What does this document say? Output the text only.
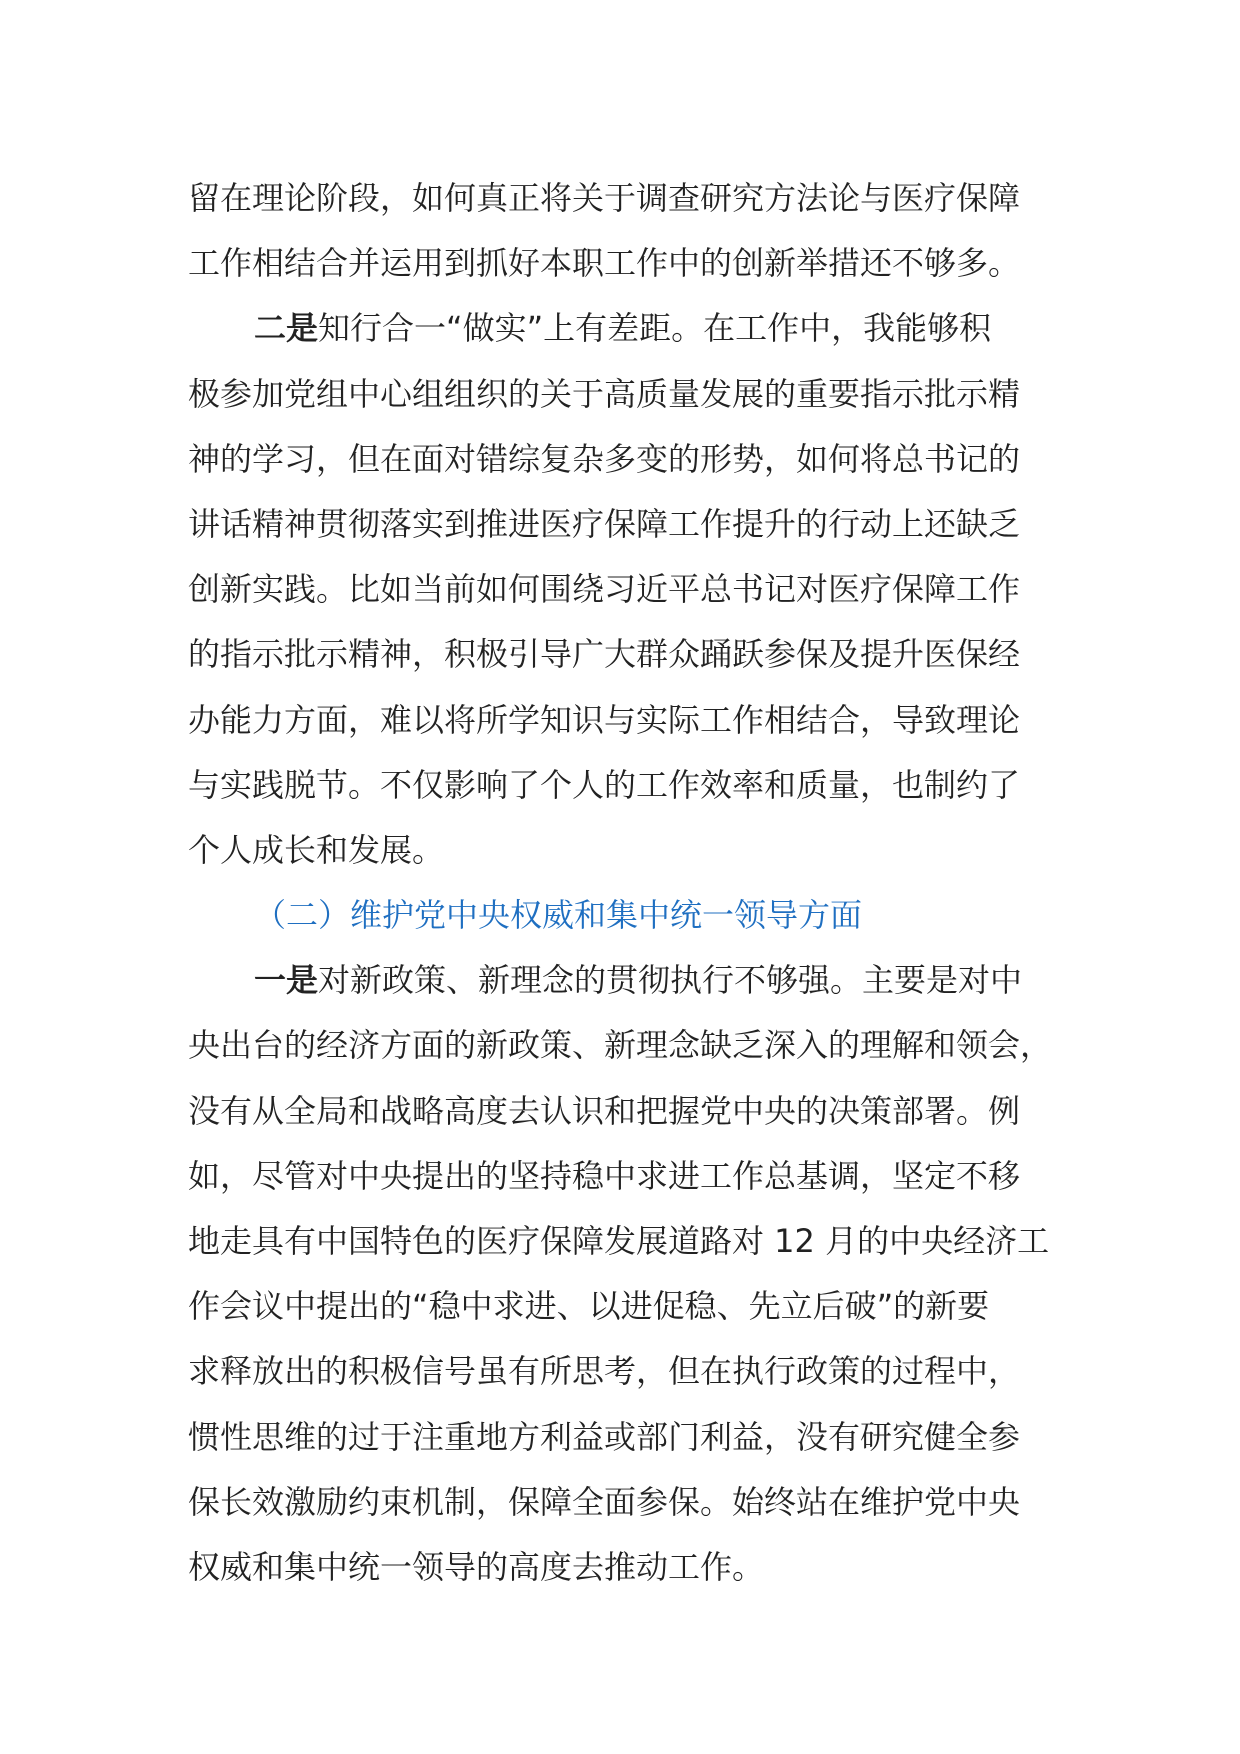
留在理论阶段，如何真正将关于调查研究方法论与医疗保障
工作相结合并运用到抓好本职工作中的创新举措还不够多。
二是知行合一“做实”上有差距。在工作中，我能够积
极参加党组中心组组织的关于高质量发展的重要指示批示精
神的学习，但在面对错综复杂多变的形势，如何将总书记的
讲话精神贯彻落实到推进医疗保障工作提升的行动上还缺乏
创新实践。比如当前如何围绕习近平总书记对医疗保障工作
的指示批示精神，积极引导广大群众踊跃参保及提升医保经
办能力方面，难以将所学知识与实际工作相结合，导致理论
与实践脱节。不仅影响了个人的工作效率和质量，也制约了
个人成长和发展。
（二）维护党中央权威和集中统一领导方面
一是对新政策、新理念的贯彻执行不够强。主要是对中
央出台的经济方面的新政策、新理念缺乏深入的理解和领会，
没有从全局和战略高度去认识和把握党中央的决策部署。例
如，尽管对中央提出的坚持稳中求进工作总基调，坚定不移
地走具有中国特色的医疗保障发展道路对 12 月的中央经济工
作会议中提出的“稳中求进、以进促稳、先立后破”的新要
求释放出的积极信号虽有所思考，但在执行政策的过程中，
惯性思维的过于注重地方利益或部门利益，没有研究健全参
保长效激励约束机制，保障全面参保。始终站在维护党中央
权威和集中统一领导的高度去推动工作。
